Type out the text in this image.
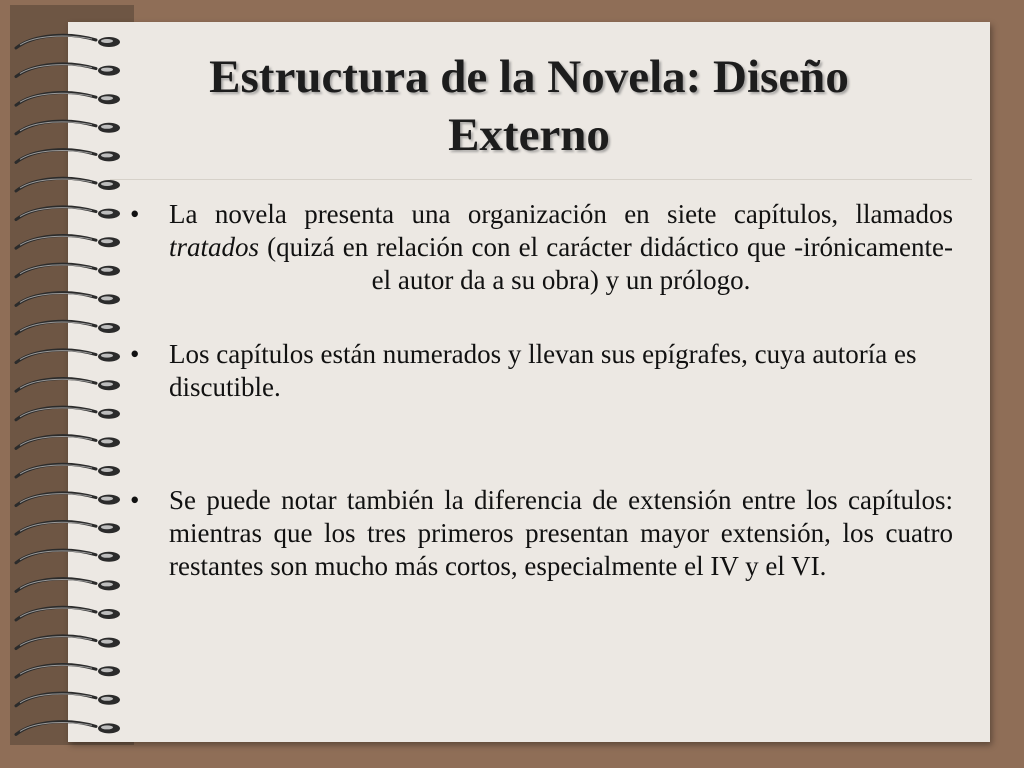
Estructura de la Novela: Diseño
Externo
• La novela presenta una organización en siete capítulos, llamados tratados (quizá en relación con el carácter didáctico que -irónicamente- el autor da a su obra) y un prólogo.
• Los capítulos están numerados y llevan sus epígrafes, cuya autoría es discutible.
• Se puede notar también la diferencia de extensión entre los capítulos: mientras que los tres primeros presentan mayor extensión, los cuatro restantes son mucho más cortos, especialmente el IV y el VI.
